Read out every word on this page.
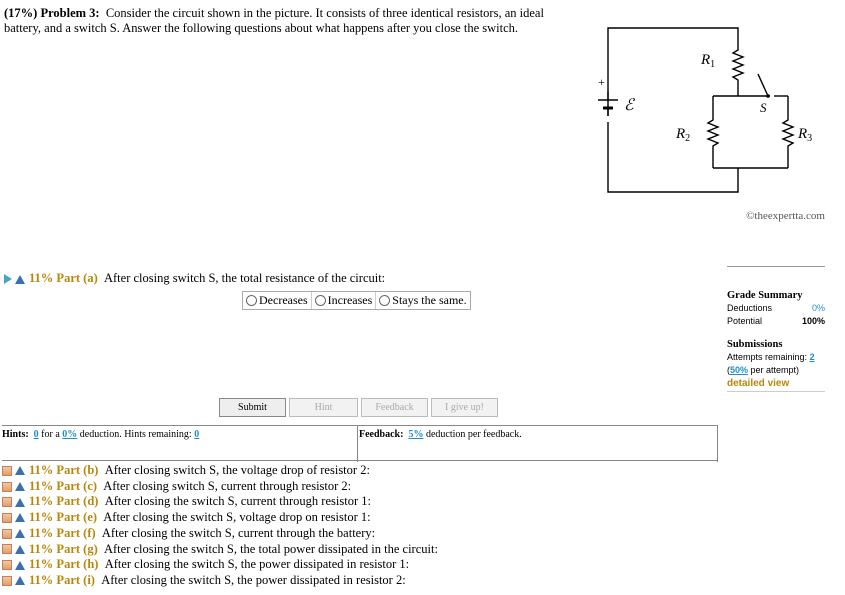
(17%) Problem 3: Consider the circuit shown in the picture. It consists of three identical resistors, an ideal battery, and a switch S. Answer the following questions about what happens after you close the switch.
+
ℰ
$R_1$
$R_2$	$R_3$
S
©theexpertta.com
11% Part (a) After closing switch S, the total resistance of the circuit:
Decreases Increases Stays the same.	Grade Summary
Deductions	0%
Potential	100%
Submissions
Attempts remaining: 2
(50% per attempt)
detailed view
Submit	Hint	Feedback	I give up!
Hints: 0 for a 0% deduction. Hints remaining: 0	Feedback: 5% deduction per feedback.
11% Part (b)
After closing switch S, the voltage drop of resistor 2:
11% Part (c)
After closing switch S, current through resistor 2:
11% Part (d)
After closing the switch S, current through resistor 1:
11% Part (e)
After closing the switch S, voltage drop on resistor 1:
11% Part (f)
After closing the switch S, current through the battery:
11% Part (g)
After closing the switch S, the total power dissipated in the circuit:
11% Part (h)
After closing the switch S, the power dissipated in resistor 1:
11% Part (i)
After closing the switch S, the power dissipated in resistor 2:
